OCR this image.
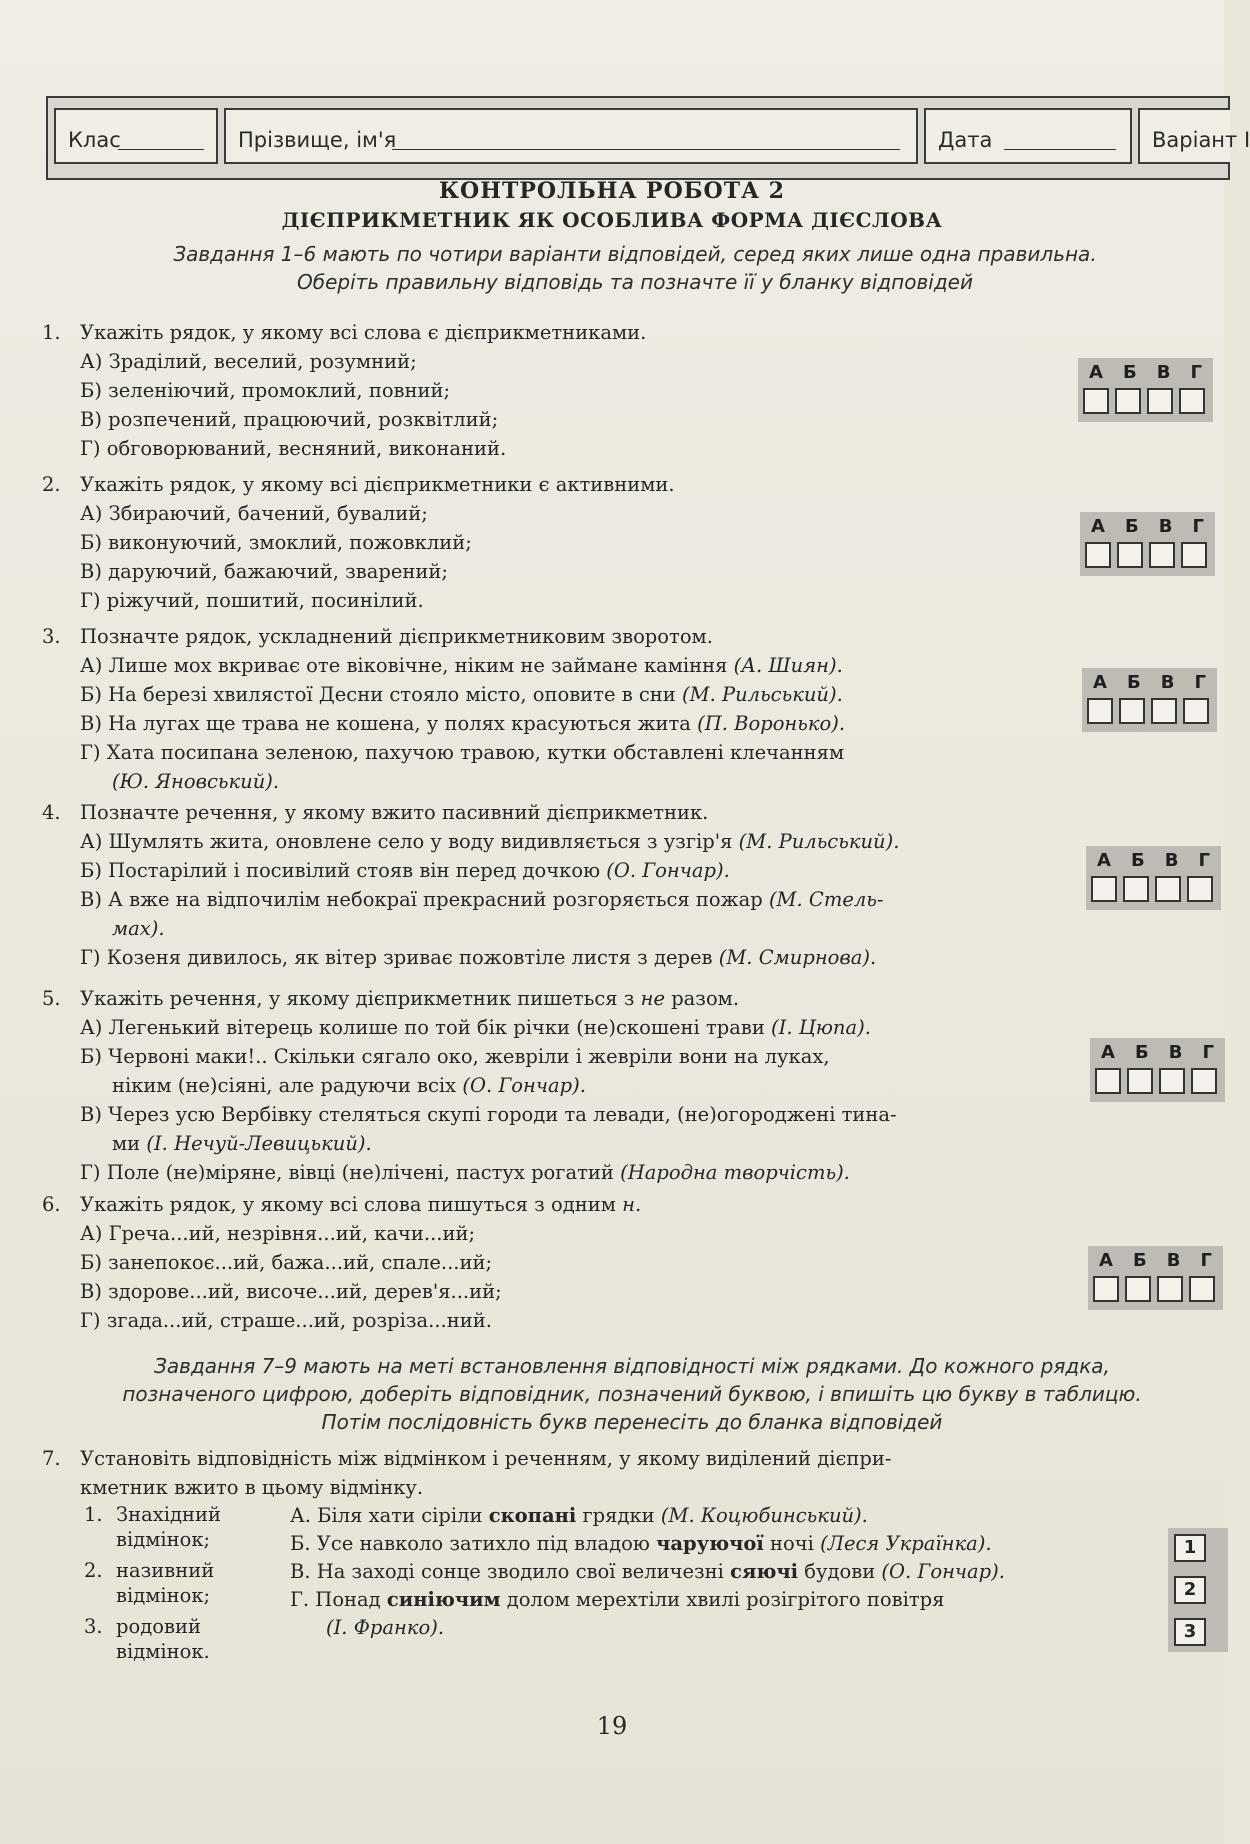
Клас	Прізвище, ім'я	Дата	Варіант І
КОНТРОЛЬНА РОБОТА 2
ДІЄПРИКМЕТНИК ЯК ОСОБЛИВА ФОРМА ДІЄСЛОВА
Завдання 1–6 мають по чотири варіанти відповідей, серед яких лише одна правильна.
Оберіть правильну відповідь та позначте її у бланку відповідей
1. Укажіть рядок, у якому всі слова є дієприкметниками.
А) Зраділий, веселий, розумний;
Б) зеленіючий, промоклий, повний;
В) розпечений, працюючий, розквітлий;
Г) обговорюваний, весняний, виконаний.
А Б В Г
2. Укажіть рядок, у якому всі дієприкметники є активними.
А) Збираючий, бачений, бувалий;
Б) виконуючий, змоклий, пожовклий;
В) даруючий, бажаючий, зварений;
Г) ріжучий, пошитий, посинілий.
А Б В Г
3. Позначте рядок, ускладнений дієприкметниковим зворотом.
А) Лише мох вкриває оте віковічне, ніким не займане каміння (А. Шиян).
Б) На березі хвилястої Десни стояло місто, оповите в сни (М. Рильський).
В) На лугах ще трава не кошена, у полях красуються жита (П. Воронько).
Г) Хата посипана зеленою, пахучою травою, кутки обставлені клечанням
(Ю. Яновський).
А Б В Г
4. Позначте речення, у якому вжито пасивний дієприкметник.
А) Шумлять жита, оновлене село у воду видивляється з узгір'я (М. Рильський).
Б) Постарілий і посивілий стояв він перед дочкою (О. Гончар).
В) А вже на відпочилім небокраї прекрасний розгоряється пожар (М. Стель-
мах).
Г) Козеня дивилось, як вітер зриває пожовтіле листя з дерев (М. Смирнова).
А Б В Г
5. Укажіть речення, у якому дієприкметник пишеться з не разом.
А) Легенький вітерець колише по той бік річки (не)скошені трави (І. Цюпа).
Б) Червоні маки!.. Скільки сягало око, жевріли і жевріли вони на луках,
ніким (не)сіяні, але радуючи всіх (О. Гончар).
В) Через усю Вербівку стеляться скупі городи та левади, (не)огороджені тина-
ми (І. Нечуй-Левицький).
Г) Поле (не)міряне, вівці (не)лічені, пастух рогатий (Народна творчість).
А Б В Г
6. Укажіть рядок, у якому всі слова пишуться з одним н.
А) Греча...ий, незрівня...ий, качи...ий;
Б) занепокоє...ий, бажа...ий, спале...ий;
В) здорове...ий, височе...ий, дерев'я...ий;
Г) згада...ий, страше...ий, розріза...ний.
А Б В Г
Завдання 7–9 мають на меті встановлення відповідності між рядками. До кожного рядка,
позначеного цифрою, доберіть відповідник, позначений буквою, і впишіть цю букву в таблицю.
Потім послідовність букв перенесіть до бланка відповідей
7. Установіть відповідність між відмінком і реченням, у якому виділений дієпри-
кметник вжито в цьому відмінку.
1. Знахідний
відмінок;
2. називний
відмінок;
3. родовий
відмінок.
А. Біля хати сіріли скопані грядки (М. Коцюбинський).
Б. Усе навколо затихло під владою чаруючої ночі (Леся Українка).
В. На заході сонце зводило свої величезні сяючі будови (О. Гончар).
Г. Понад синіючим долом мерехтіли хвилі розігрітого повітря
(І. Франко).
1
2
3
19
